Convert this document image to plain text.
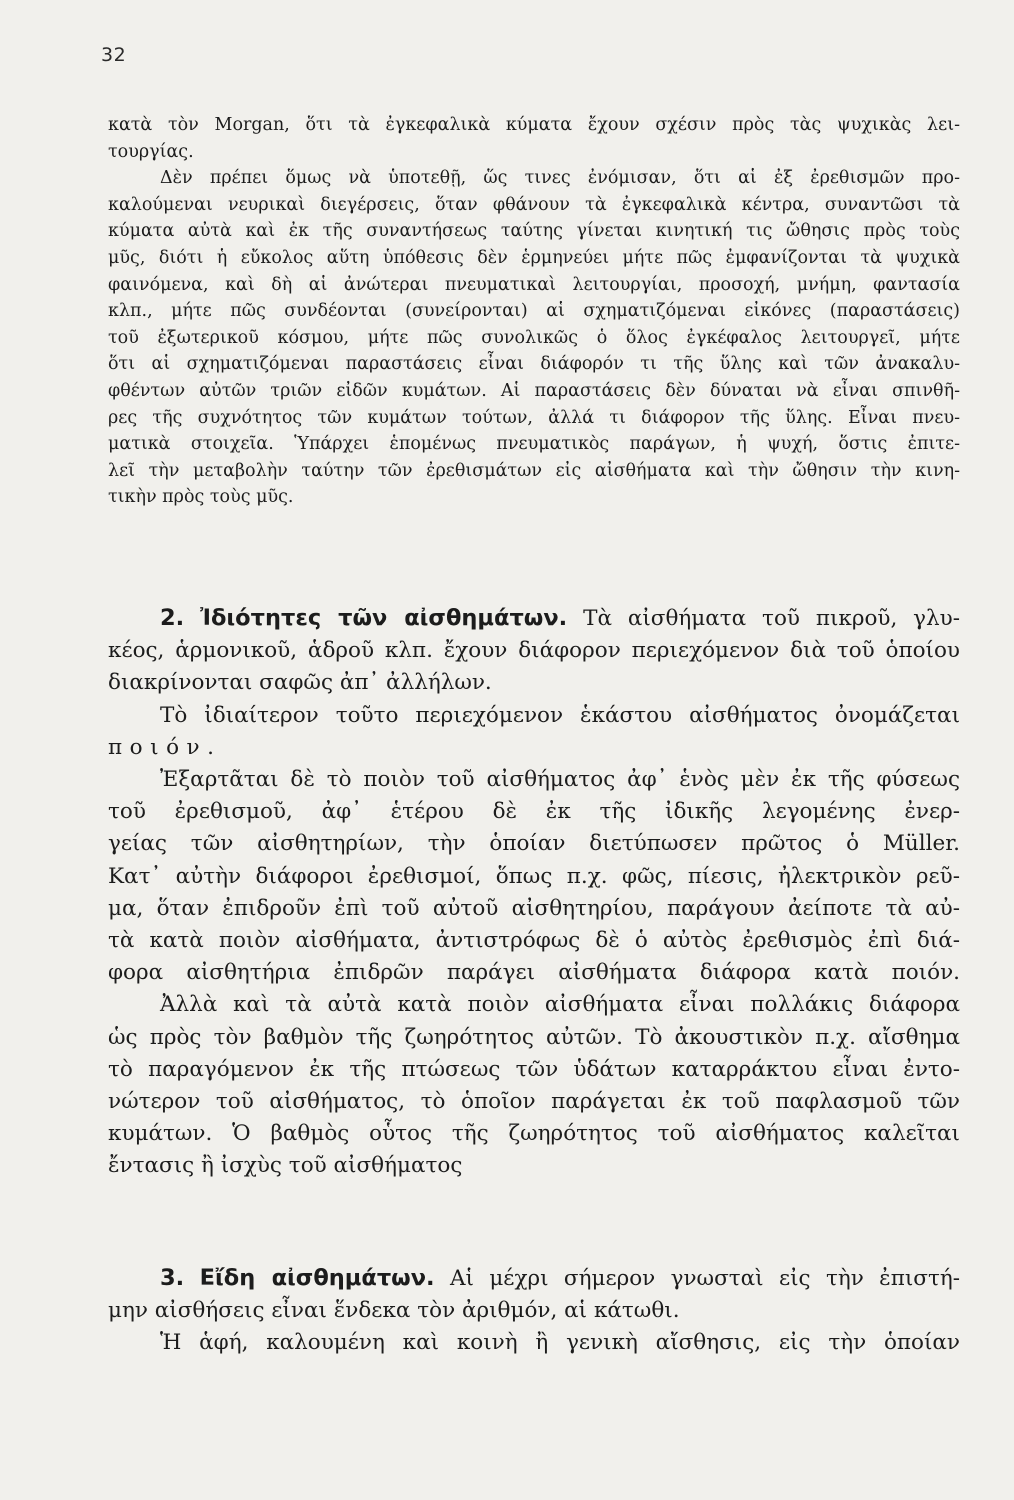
32
κατὰ τὸν Morgan, ὅτι τὰ ἐγκεφαλικὰ κύματα ἔχουν σχέσιν πρὸς τὰς ψυχικὰς λει-
τουργίας.
Δὲν πρέπει ὅμως νὰ ὑποτεθῇ, ὥς τινες ἐνόμισαν, ὅτι αἱ ἐξ ἐρεθισμῶν προ-
καλούμεναι νευρικαὶ διεγέρσεις, ὅταν φθάνουν τὰ ἐγκεφαλικὰ κέντρα, συναντῶσι τὰ
κύματα αὐτὰ καὶ ἐκ τῆς συναντήσεως ταύτης γίνεται κινητική τις ὤθησις πρὸς τοὺς
μῦς, διότι ἡ εὔκολος αὕτη ὑπόθεσις δὲν ἑρμηνεύει μήτε πῶς ἐμφανίζονται τὰ ψυχικὰ
φαινόμενα, καὶ δὴ αἱ ἀνώτεραι πνευματικαὶ λειτουργίαι, προσοχή, μνήμη, φαντασία
κλπ., μήτε πῶς συνδέονται (συνείρονται) αἱ σχηματιζόμεναι εἰκόνες (παραστάσεις)
τοῦ ἐξωτερικοῦ κόσμου, μήτε πῶς συνολικῶς ὁ ὅλος ἐγκέφαλος λειτουργεῖ, μήτε
ὅτι αἱ σχηματιζόμεναι παραστάσεις εἶναι διάφορόν τι τῆς ὕλης καὶ τῶν ἀνακαλυ-
φθέντων αὐτῶν τριῶν εἰδῶν κυμάτων. Αἱ παραστάσεις δὲν δύναται νὰ εἶναι σπινθῆ-
ρες τῆς συχνότητος τῶν κυμάτων τούτων, ἀλλά τι διάφορον τῆς ὕλης. Εἶναι πνευ-
ματικὰ στοιχεῖα. Ὑπάρχει ἑπομένως πνευματικὸς παράγων, ἡ ψυχή, ὅστις ἐπιτε-
λεῖ τὴν μεταβολὴν ταύτην τῶν ἐρεθισμάτων εἰς αἰσθήματα καὶ τὴν ὤθησιν τὴν κινη-
τικὴν πρὸς τοὺς μῦς.
2. Ἰδιότητες τῶν αἰσθημάτων. Τὰ αἰσθήματα τοῦ πικροῦ, γλυ-
κέος, ἁρμονικοῦ, ἁδροῦ κλπ. ἔχουν διάφορον περιεχόμενον διὰ τοῦ ὁποίου
διακρίνονται σαφῶς ἀπ᾿ ἀλλήλων.
Τὸ ἰδιαίτερον τοῦτο περιεχόμενον ἑκάστου αἰσθήματος ὀνομάζεται
ποιόν.
Ἐξαρτᾶται δὲ τὸ ποιὸν τοῦ αἰσθήματος ἀφ᾿ ἑνὸς μὲν ἐκ τῆς φύσεως
τοῦ ἐρεθισμοῦ, ἀφ᾿ ἑτέρου δὲ ἐκ τῆς ἰδικῆς λεγομένης ἐνερ-
γείας τῶν αἰσθητηρίων, τὴν ὁποίαν διετύπωσεν πρῶτος ὁ Müller.
Κατ᾿ αὐτὴν διάφοροι ἐρεθισμοί, ὅπως π.χ. φῶς, πίεσις, ἠλεκτρικὸν ρεῦ-
μα, ὅταν ἐπιδροῦν ἐπὶ τοῦ αὐτοῦ αἰσθητηρίου, παράγουν ἀείποτε τὰ αὐ-
τὰ κατὰ ποιὸν αἰσθήματα, ἀντιστρόφως δὲ ὁ αὐτὸς ἐρεθισμὸς ἐπὶ διά-
φορα αἰσθητήρια ἐπιδρῶν παράγει αἰσθήματα διάφορα κατὰ ποιόν.
Ἀλλὰ καὶ τὰ αὐτὰ κατὰ ποιὸν αἰσθήματα εἶναι πολλάκις διάφορα
ὡς πρὸς τὸν βαθμὸν τῆς ζωηρότητος αὐτῶν. Τὸ ἀκουστικὸν π.χ. αἴσθημα
τὸ παραγόμενον ἐκ τῆς πτώσεως τῶν ὑδάτων καταρράκτου εἶναι ἐντο-
νώτερον τοῦ αἰσθήματος, τὸ ὁποῖον παράγεται ἐκ τοῦ παφλασμοῦ τῶν
κυμάτων. Ὁ βαθμὸς οὗτος τῆς ζωηρότητος τοῦ αἰσθήματος καλεῖται
ἔντασις ἢ ἰσχὺς τοῦ αἰσθήματος
3. Εἴδη αἰσθημάτων. Αἱ μέχρι σήμερον γνωσταὶ εἰς τὴν ἐπιστή-
μην αἰσθήσεις εἶναι ἕνδεκα τὸν ἀριθμόν, αἱ κάτωθι.
Ἡ ἁφή, καλουμένη καὶ κοινὴ ἢ γενικὴ αἴσθησις, εἰς τὴν ὁποίαν
